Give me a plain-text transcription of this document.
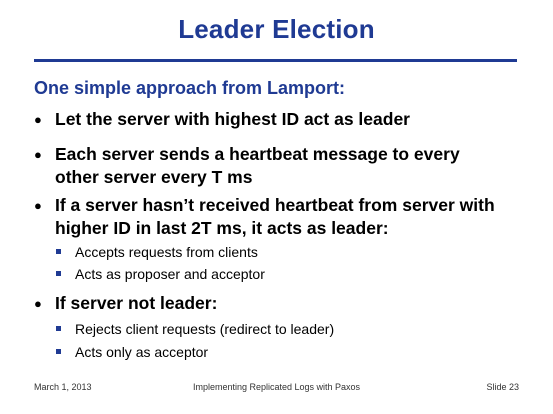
Leader Election
One simple approach from Lamport:
● Let the server with highest ID act as leader
● Each server sends a heartbeat message to every
other server every T ms
● If a server hasn’t received heartbeat from server with
higher ID in last 2T ms, it acts as leader:
Accepts requests from clients
Acts as proposer and acceptor
● If server not leader:
Rejects client requests (redirect to leader)
Acts only as acceptor
March 1, 2013	Implementing Replicated Logs with Paxos	Slide 23
